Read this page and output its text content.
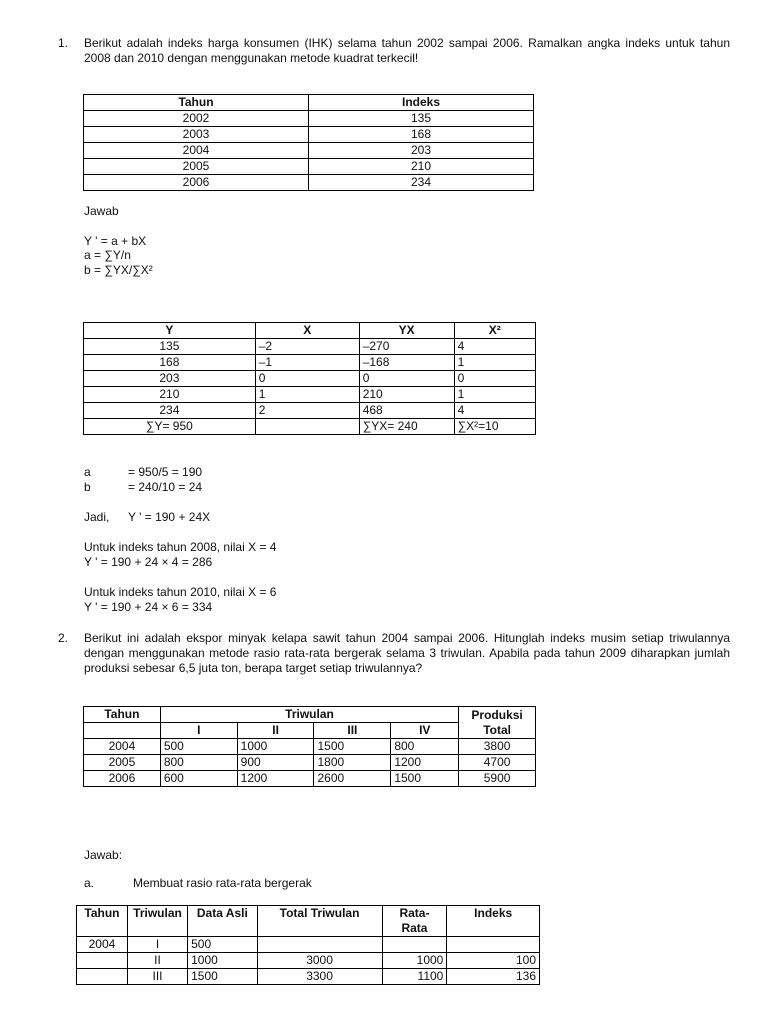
1. Berikut adalah indeks harga konsumen (IHK) selama tahun 2002 sampai 2006. Ramalkan angka indeks untuk tahun 2008 dan 2010 dengan menggunakan metode kuadrat terkecil!
Tahun	Indeks
2002	135
2003	168
2004	203
2005	210
2006	234
Jawab
Y ' = a + bX
a = ∑Y/n
b = ∑YX/∑X²
Y	X	YX	X²
135	–2	–270	4
168	–1	–168	1
203	0	0	0
210	1	210	1
234	2	468	4
∑Y= 950		∑YX= 240	∑X²=10
a	= 950/5 = 190
b	= 240/10 = 24
Jadi, Y ' = 190 + 24X
Untuk indeks tahun 2008, nilai X = 4
Y ' = 190 + 24 × 4 = 286
Untuk indeks tahun 2010, nilai X = 6
Y ' = 190 + 24 × 6 = 334
2. Berikut ini adalah ekspor minyak kelapa sawit tahun 2004 sampai 2006. Hitunglah indeks musim setiap triwulannya dengan menggunakan metode rasio rata-rata bergerak selama 3 triwulan. Apabila pada tahun 2009 diharapkan jumlah produksi sebesar 6,5 juta ton, berapa target setiap triwulannya?
Tahun	Triwulan				Produksi Total
	I	II	III	IV	
2004	500	1000	1500	800	3800
2005	800	900	1800	1200	4700
2006	600	1200	2600	1500	5900
Jawab:
a.	Membuat rasio rata-rata bergerak
Tahun	Triwulan	Data Asli	Total Triwulan	Rata-Rata	Indeks
2004	I	500			
	II	1000	3000	1000	100
	III	1500	3300	1100	136
